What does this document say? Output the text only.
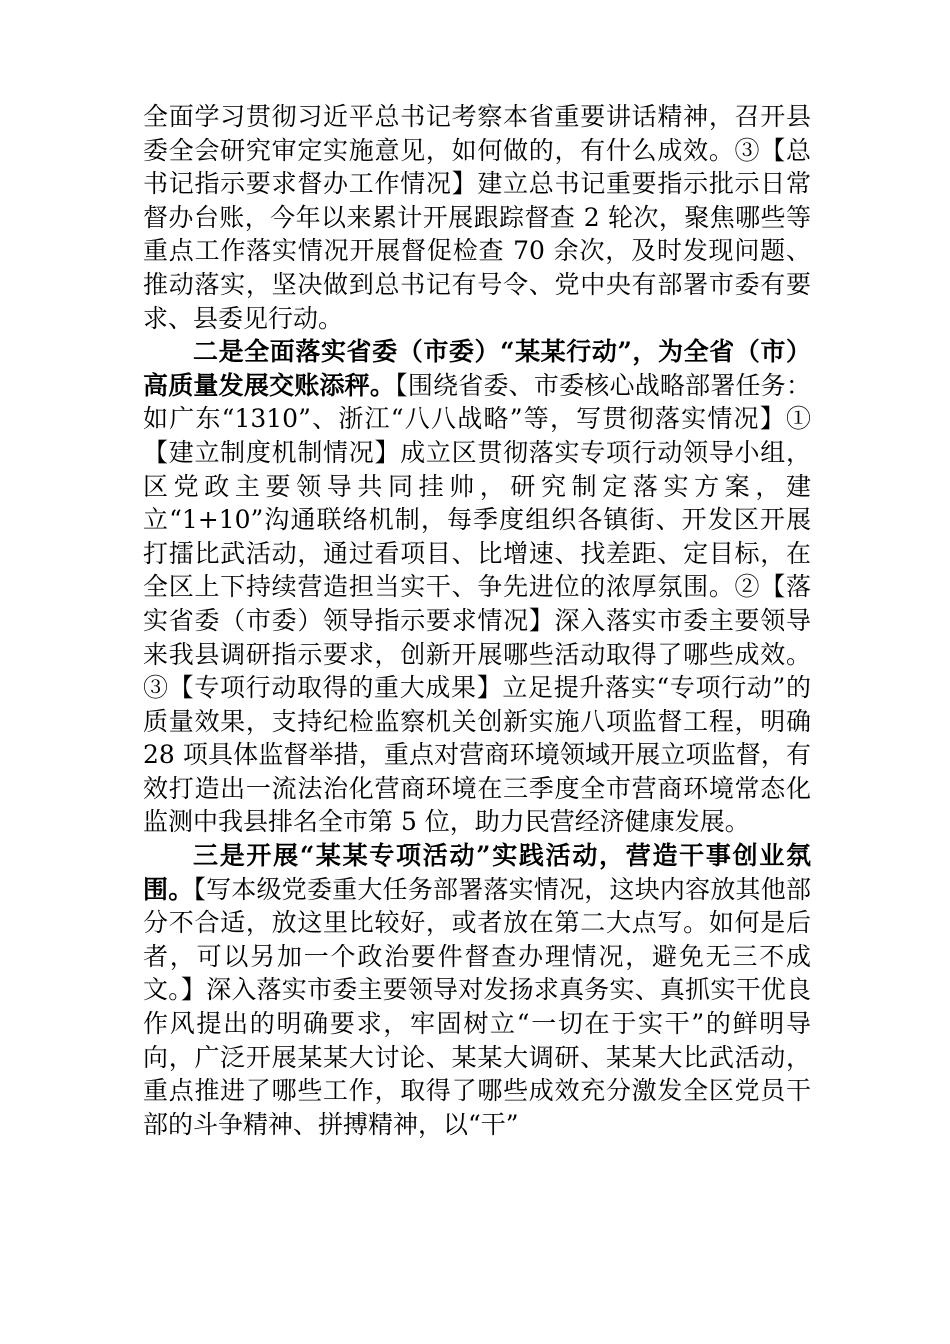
全面学习贯彻习近平总书记考察本省重要讲话精神，召开县委全会研究审定实施意见，如何做的，有什么成效。③【总书记指示要求督办工作情况】建立总书记重要指示批示日常督办台账，今年以来累计开展跟踪督查 2 轮次，聚焦哪些等重点工作落实情况开展督促检查 70 余次，及时发现问题、推动落实，坚决做到总书记有号令、党中央有部署市委有要求、县委见行动。

二是全面落实省委（市委）“某某行动”，为全省（市）高质量发展交账添秤。【围绕省委、市委核心战略部署任务：如广东“1310”、浙江“八八战略”等，写贯彻落实情况】①【建立制度机制情况】成立区贯彻落实专项行动领导小组，区党政主要领导共同挂帅，研究制定落实方案，建立“1+10”沟通联络机制，每季度组织各镇街、开发区开展打擂比武活动，通过看项目、比增速、找差距、定目标，在全区上下持续营造担当实干、争先进位的浓厚氛围。②【落实省委（市委）领导指示要求情况】深入落实市委主要领导来我县调研指示要求，创新开展哪些活动取得了哪些成效。③【专项行动取得的重大成果】立足提升落实“专项行动”的质量效果，支持纪检监察机关创新实施八项监督工程，明确 28 项具体监督举措，重点对营商环境领域开展立项监督，有效打造出一流法治化营商环境在三季度全市营商环境常态化监测中我县排名全市第 5 位，助力民营经济健康发展。

三是开展“某某专项活动”实践活动，营造干事创业氛围。【写本级党委重大任务部署落实情况，这块内容放其他部分不合适，放这里比较好，或者放在第二大点写。如何是后者，可以另加一个政治要件督查办理情况，避免无三不成文。】深入落实市委主要领导对发扬求真务实、真抓实干优良作风提出的明确要求，牢固树立“一切在于实干”的鲜明导向，广泛开展某某大讨论、某某大调研、某某大比武活动，重点推进了哪些工作，取得了哪些成效充分激发全区党员干部的斗争精神、拼搏精神，以“干”
